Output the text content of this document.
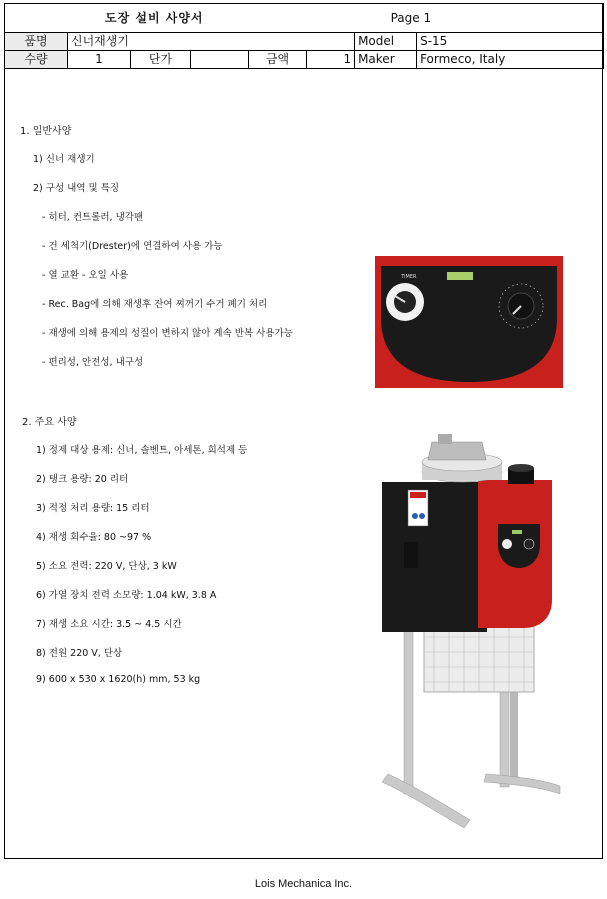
도장 설비 사양서						Page 1	
품명	신너재생기					Model	S-15
수량	1	단가		금액	1	Maker	Formeco, Italy
1. 일반사양
1) 신너 재생기
2) 구성 내역 및 특징
- 히터, 컨트롤러, 냉각팬
- 건 세척기(Drester)에 연결하여 사용 가능
- 열 교환 - 오일 사용
- Rec. Bag에 의해 재생후 잔여 찌꺼기 수거 폐기 처리
- 재생에 의해 용제의 성질이 변하지 않아 계속 반복 사용가능
- 편리성, 안전성, 내구성
2. 주요 사양
1) 정제 대상 용제: 신너, 솔벤트, 아세톤, 희석제 등
2) 탱크 용량: 20 리터
3) 적정 처리 용량: 15 리터
4) 재생 회수율: 80 ~97 %
5) 소요 전력: 220 V, 단상, 3 kW
6) 가열 장치 전력 소모량: 1.04 kW, 3.8 A
7) 재생 소요 시간: 3.5 ~ 4.5 시간
8) 전원 220 V, 단상
9) 600 x 530 x 1620(h) mm, 53 kg
TIMER
Lois Mechanica Inc.
